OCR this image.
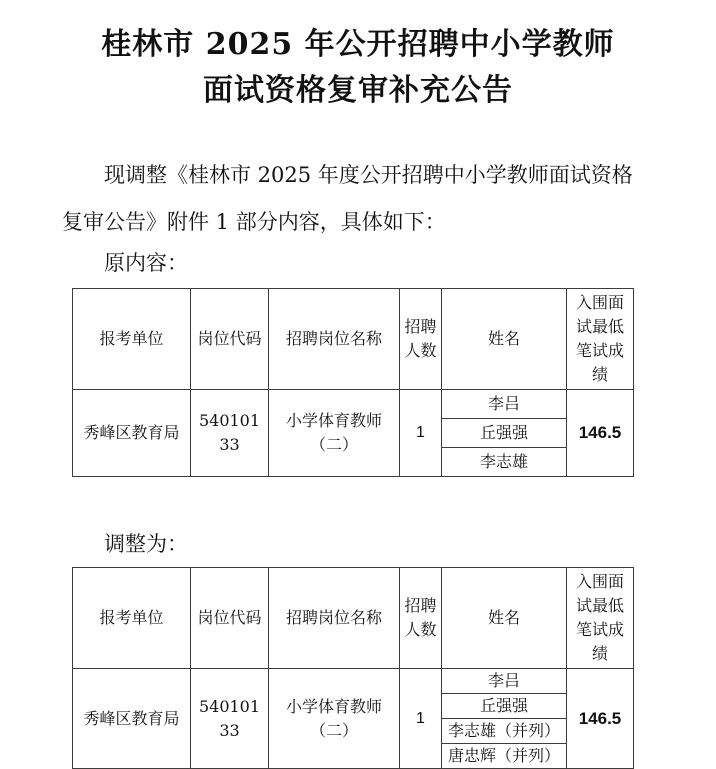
桂林市 2025 年公开招聘中小学教师
面试资格复审补充公告
现调整《桂林市 2025 年度公开招聘中小学教师面试资格
复审公告》附件 1 部分内容，具体如下：
原内容：
报考单位	岗位代码	招聘岗位名称	招聘人数	姓名	入围面试最低笔试成绩
秀峰区教育局	54010133	小学体育教师（二）	1	李吕	146.5
				丘强强	
				李志雄	
调整为：
报考单位	岗位代码	招聘岗位名称	招聘人数	姓名	入围面试最低笔试成绩
秀峰区教育局	54010133	小学体育教师（二）	1	李吕	146.5
				丘强强	
				李志雄（并列）	
				唐忠辉（并列）	
